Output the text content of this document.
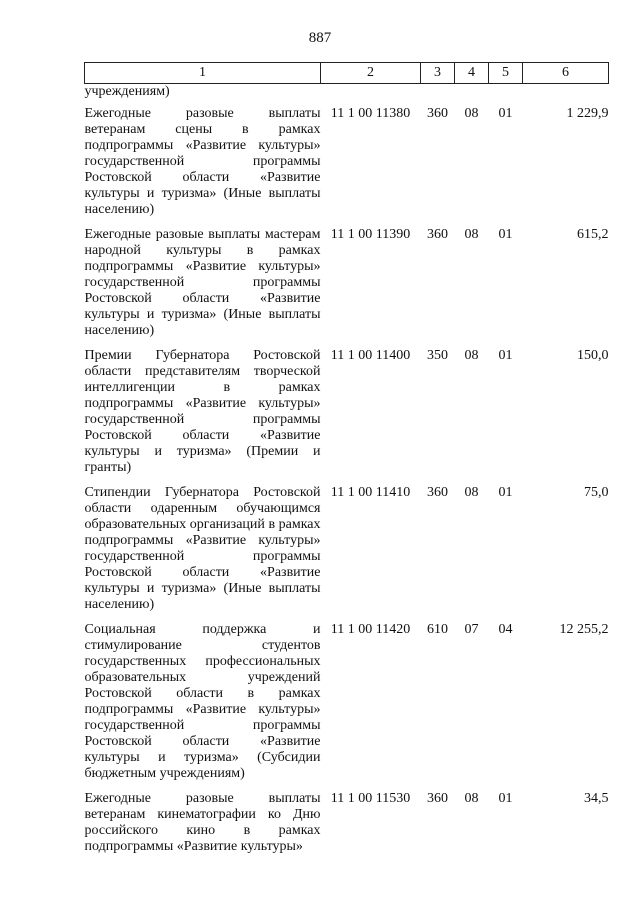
887
1	2	3	4	5	6
учреждениям)					
Ежегодные разовые выплаты ветеранам сцены в рамках подпрограммы «Развитие культуры» государственной программы Ростовской области «Развитие культуры и туризма» (Иные выплаты населению)	11 1 00 11380	360	08	01	1 229,9
Ежегодные разовые выплаты мастерам народной культуры в рамках подпрограммы «Развитие культуры» государственной программы Ростовской области «Развитие культуры и туризма» (Иные выплаты населению)	11 1 00 11390	360	08	01	615,2
Премии Губернатора Ростовской области представителям творческой интеллигенции в рамках подпрограммы «Развитие культуры» государственной программы Ростовской области «Развитие культуры и туризма» (Премии и гранты)	11 1 00 11400	350	08	01	150,0
Стипендии Губернатора Ростовской области одаренным обучающимся образовательных организаций в рамках подпрограммы «Развитие культуры» государственной программы Ростовской области «Развитие культуры и туризма» (Иные выплаты населению)	11 1 00 11410	360	08	01	75,0
Социальная поддержка и стимулирование студентов государственных профессиональных образовательных учреждений Ростовской области в рамках подпрограммы «Развитие культуры» государственной программы Ростовской области «Развитие культуры и туризма» (Субсидии бюджетным учреждениям)	11 1 00 11420	610	07	04	12 255,2
Ежегодные разовые выплаты ветеранам кинематографии ко Дню российского кино в рамках подпрограммы «Развитие культуры»	11 1 00 11530	360	08	01	34,5
